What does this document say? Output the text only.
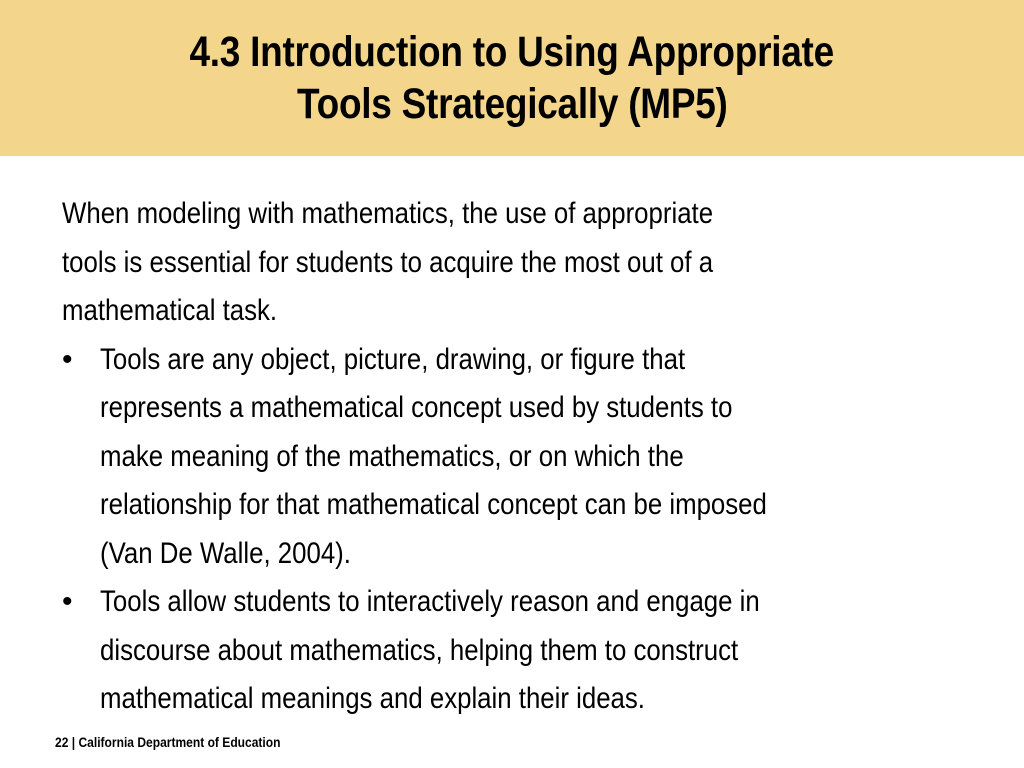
4.3 Introduction to Using Appropriate
Tools Strategically (MP5)
When modeling with mathematics, the use of appropriate
tools is essential for students to acquire the most out of a
mathematical task.
• Tools are any object, picture, drawing, or figure that
represents a mathematical concept used by students to
make meaning of the mathematics, or on which the
relationship for that mathematical concept can be imposed
(Van De Walle, 2004).
• Tools allow students to interactively reason and engage in
discourse about mathematics, helping them to construct
mathematical meanings and explain their ideas.
22 | California Department of Education
